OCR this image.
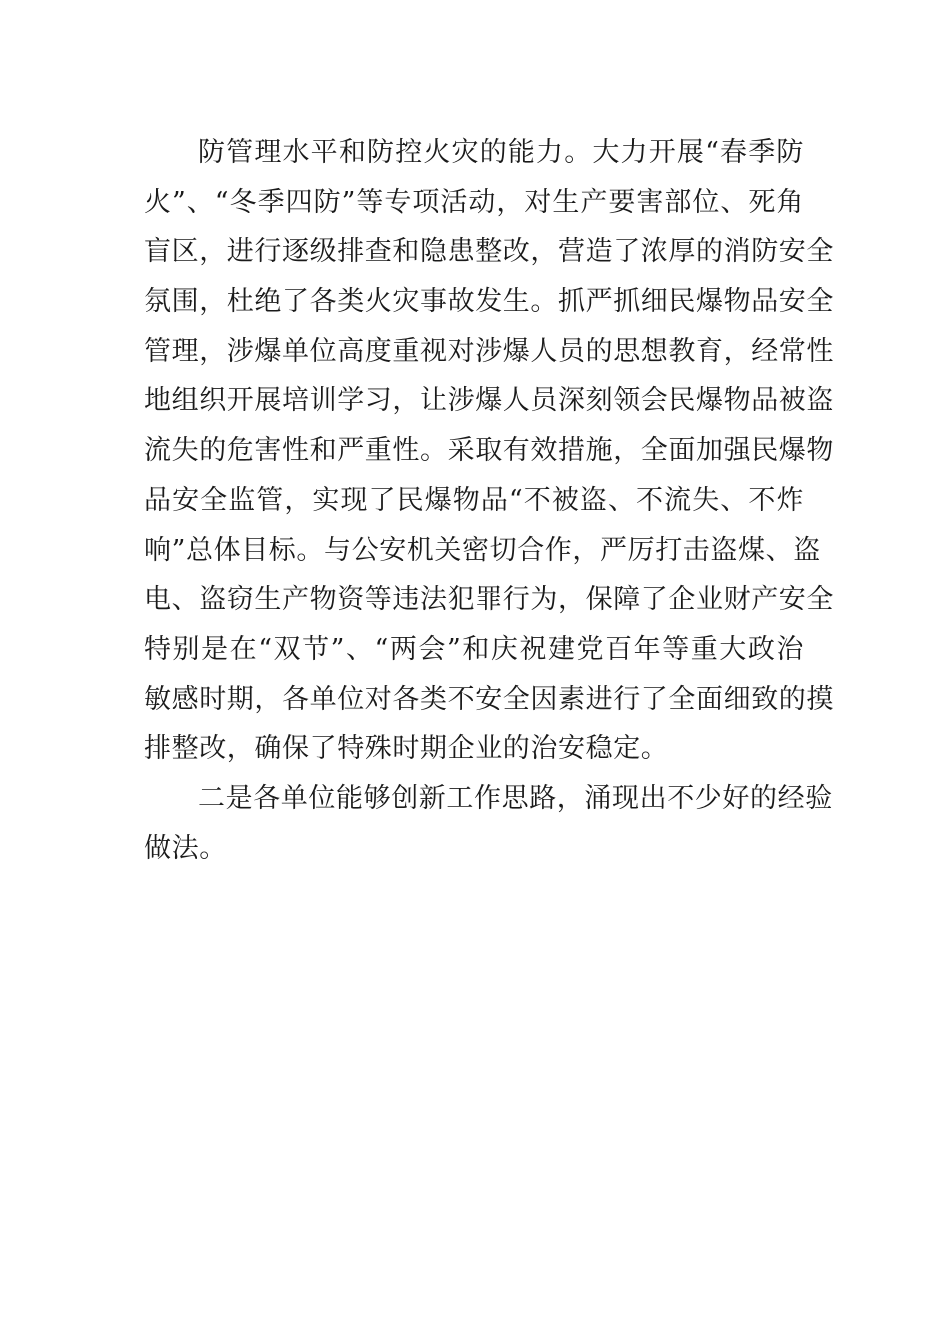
防管理水平和防控火灾的能力。大力开展“春季防
火”、“冬季四防”等专项活动，对生产要害部位、死角
盲区，进行逐级排查和隐患整改，营造了浓厚的消防安全
氛围，杜绝了各类火灾事故发生。抓严抓细民爆物品安全
管理，涉爆单位高度重视对涉爆人员的思想教育，经常性
地组织开展培训学习，让涉爆人员深刻领会民爆物品被盗
流失的危害性和严重性。采取有效措施，全面加强民爆物
品安全监管，实现了民爆物品“不被盗、不流失、不炸
响”总体目标。与公安机关密切合作，严厉打击盗煤、盗
电、盗窃生产物资等违法犯罪行为，保障了企业财产安全
特别是在“双节”、“两会”和庆祝建党百年等重大政治
敏感时期，各单位对各类不安全因素进行了全面细致的摸
排整改，确保了特殊时期企业的治安稳定。
二是各单位能够创新工作思路，涌现出不少好的经验
做法。
